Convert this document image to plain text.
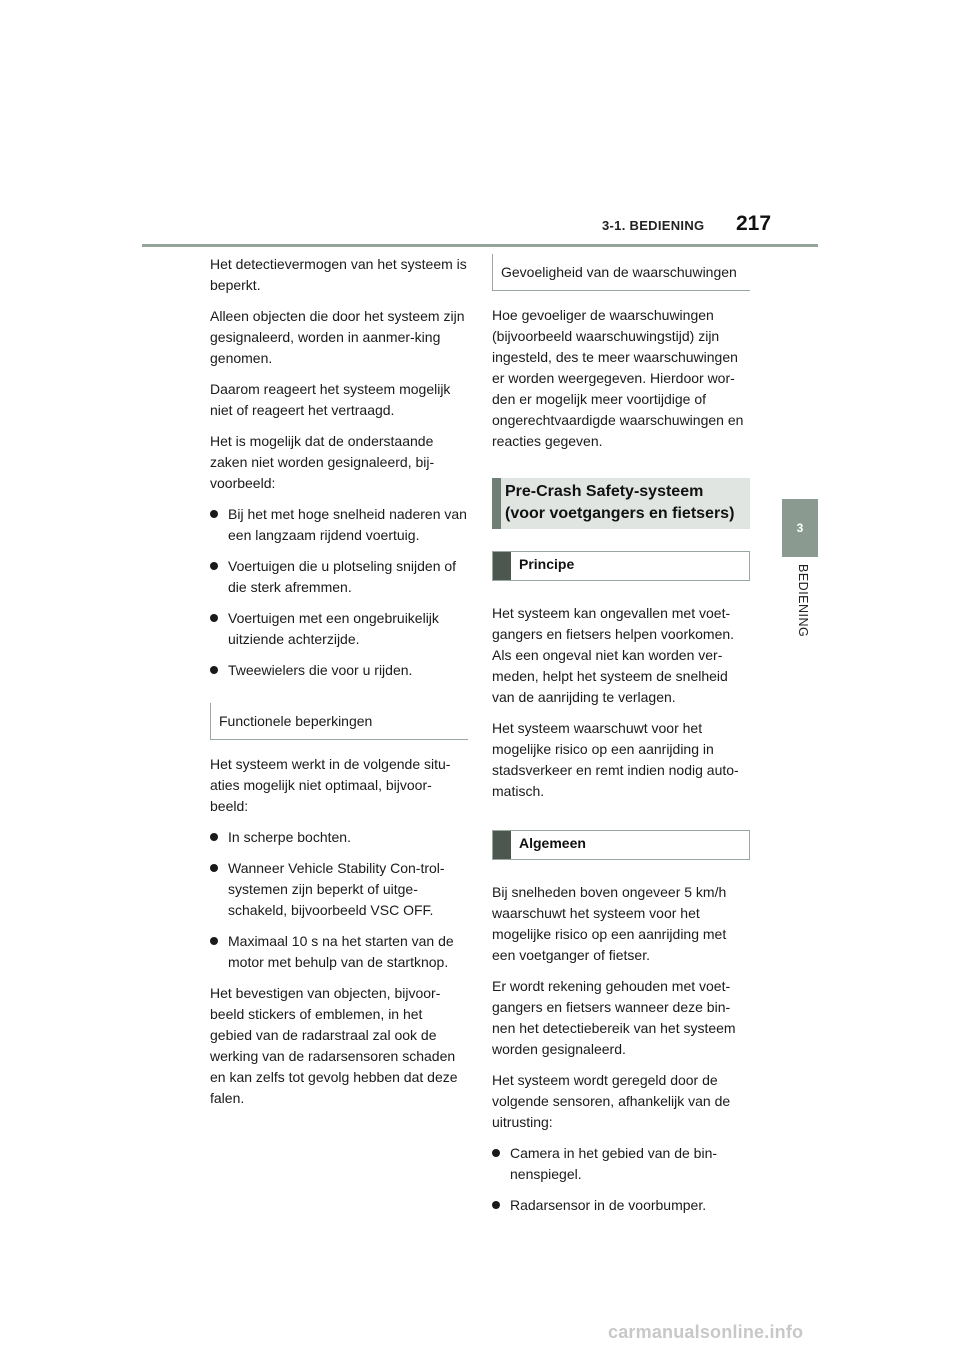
3-1. BEDIENING 217
3
BEDIENING

Het detectievermogen van het systeem is beperkt.

Alleen objecten die door het systeem zijn gesignaleerd, worden in aanmer-king genomen.

Daarom reageert het systeem mogelijk niet of reageert het vertraagd.

Het is mogelijk dat de onderstaande zaken niet worden gesignaleerd, bij-voorbeeld:

Bij het met hoge snelheid naderen van een langzaam rijdend voertuig.
Voertuigen die u plotseling snijden of die sterk afremmen.
Voertuigen met een ongebruikelijk uitziende achterzijde.
Tweewielers die voor u rijden.
Functionele beperkingen

Het systeem werkt in de volgende situ-aties mogelijk niet optimaal, bijvoor-beeld:

In scherpe bochten.
Wanneer Vehicle Stability Con-trol-systemen zijn beperkt of uitge-schakeld, bijvoorbeeld VSC OFF.
Maximaal 10 s na het starten van de motor met behulp van de startknop.

Het bevestigen van objecten, bijvoor-beeld stickers of emblemen, in het gebied van de radarstraal zal ook de werking van de radarsensoren schaden en kan zelfs tot gevolg hebben dat deze falen.

Gevoeligheid van de waarschuwingen

Hoe gevoeliger de waarschuwingen (bijvoorbeeld waarschuwingstijd) zijn ingesteld, des te meer waarschuwingen er worden weergegeven. Hierdoor wor-den er mogelijk meer voortijdige of ongerechtvaardigde waarschuwingen en reacties gegeven.

Pre-Crash Safety-systeem (voor voetgangers en fietsers)
Principe

Het systeem kan ongevallen met voet-gangers en fietsers helpen voorkomen. Als een ongeval niet kan worden ver-meden, helpt het systeem de snelheid van de aanrijding te verlagen.

Het systeem waarschuwt voor het mogelijke risico op een aanrijding in stadsverkeer en remt indien nodig auto-matisch.

Algemeen

Bij snelheden boven ongeveer 5 km/h waarschuwt het systeem voor het mogelijke risico op een aanrijding met een voetganger of fietser.

Er wordt rekening gehouden met voet-gangers en fietsers wanneer deze bin-nen het detectiebereik van het systeem worden gesignaleerd.

Het systeem wordt geregeld door de volgende sensoren, afhankelijk van de uitrusting:

Camera in het gebied van de bin-nenspiegel.
Radarsensor in de voorbumper.
carmanualsonline.info
